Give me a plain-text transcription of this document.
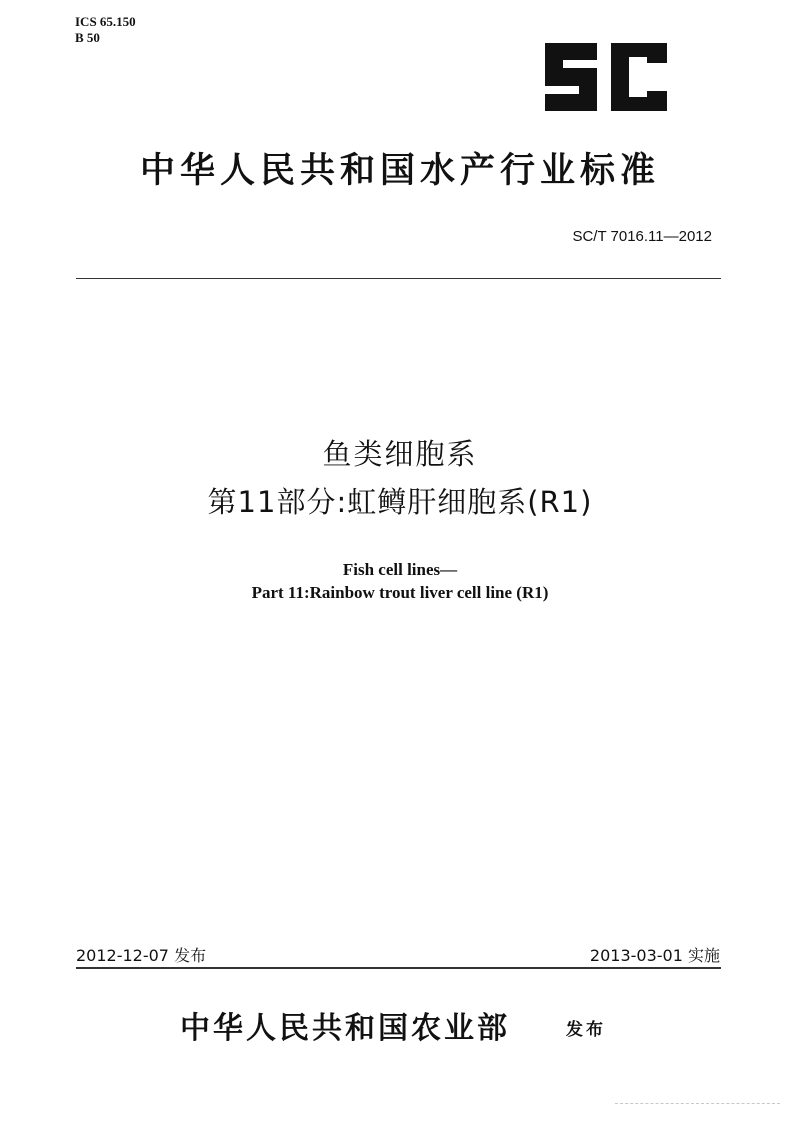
ICS 65.150
B 50	SC
中华人民共和国水产行业标准
SC/T 7016.11—2012
鱼类细胞系
第11部分:虹鳟肝细胞系(R1)
Fish cell lines—
Part 11:Rainbow trout liver cell line (R1)
2012-12-07 发布	2013-03-01 实施
中华人民共和国农业部	发布
